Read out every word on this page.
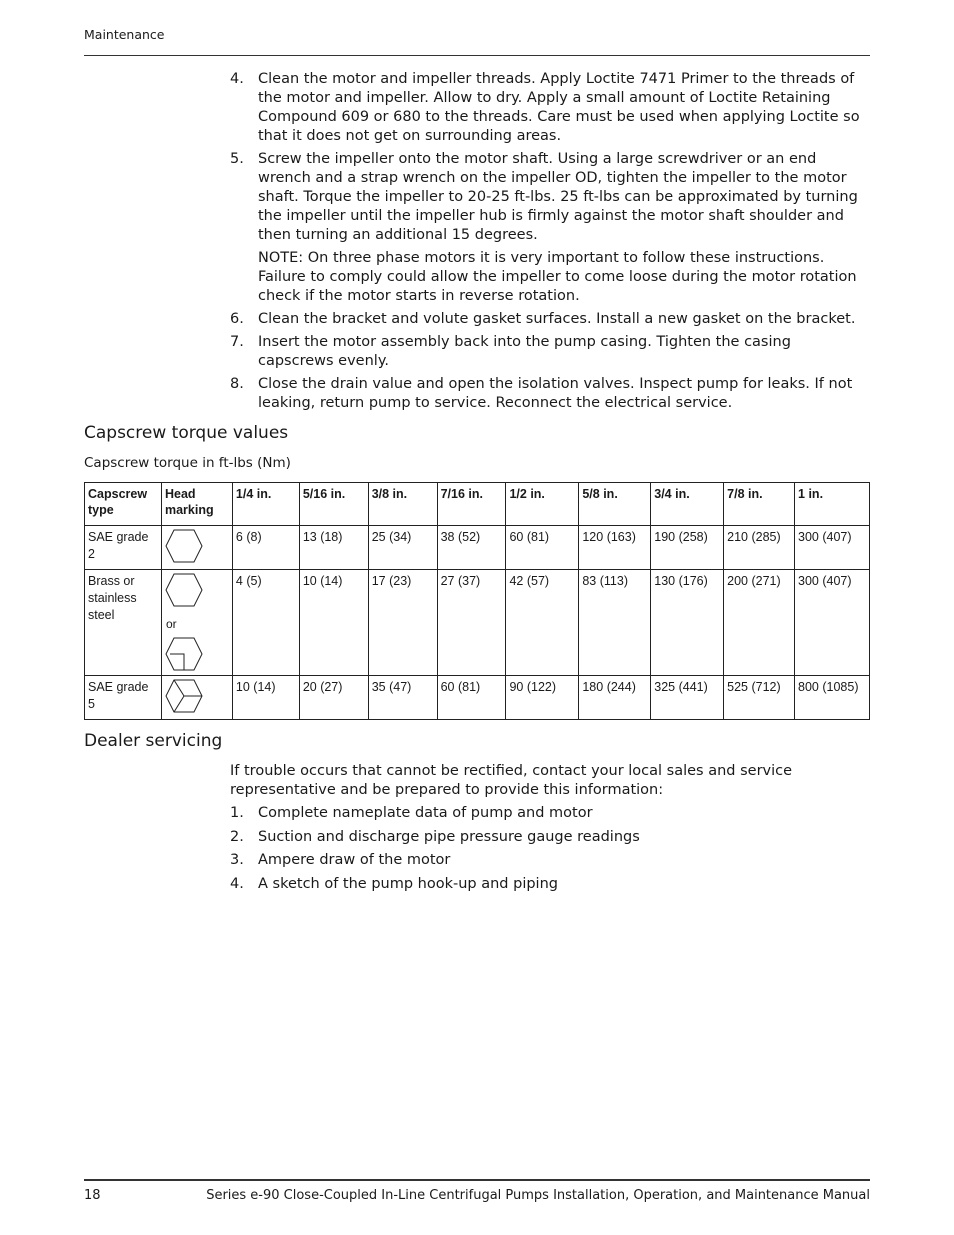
Maintenance
4. Clean the motor and impeller threads. Apply Loctite 7471 Primer to the threads of the motor and impeller. Allow to dry. Apply a small amount of Loctite Retaining Compound 609 or 680 to the threads. Care must be used when applying Loctite so that it does not get on surrounding areas.
5. Screw the impeller onto the motor shaft. Using a large screwdriver or an end wrench and a strap wrench on the impeller OD, tighten the impeller to the motor shaft. Torque the impeller to 20-25 ft-lbs. 25 ft-lbs can be approximated by turning the impeller until the impeller hub is firmly against the motor shaft shoulder and then turning an additional 15 degrees.
NOTE: On three phase motors it is very important to follow these instructions. Failure to comply could allow the impeller to come loose during the motor rotation check if the motor starts in reverse rotation.
6. Clean the bracket and volute gasket surfaces. Install a new gasket on the bracket.
7. Insert the motor assembly back into the pump casing. Tighten the casing capscrews evenly.
8. Close the drain value and open the isolation valves. Inspect pump for leaks. If not leaking, return pump to service. Reconnect the electrical service.
Capscrew torque values
Capscrew torque in ft-lbs (Nm)
Capscrew type	Head marking	1/4 in.	5/16 in.	3/8 in.	7/16 in.	1/2 in.	5/8 in.	3/4 in.	7/8 in.	1 in.
SAE grade 2		6 (8)	13 (18)	25 (34)	38 (52)	60 (81)	120 (163)	190 (258)	210 (285)	300 (407)
Brass or stainless steel	or	4 (5)	10 (14)	17 (23)	27 (37)	42 (57)	83 (113)	130 (176)	200 (271)	300 (407)
SAE grade 5		10 (14)	20 (27)	35 (47)	60 (81)	90 (122)	180 (244)	325 (441)	525 (712)	800 (1085)
Dealer servicing
If trouble occurs that cannot be rectified, contact your local sales and service representative and be prepared to provide this information:
1. Complete nameplate data of pump and motor
2. Suction and discharge pipe pressure gauge readings
3. Ampere draw of the motor
4. A sketch of the pump hook-up and piping
18	Series e-90 Close-Coupled In-Line Centrifugal Pumps Installation, Operation, and Maintenance Manual
